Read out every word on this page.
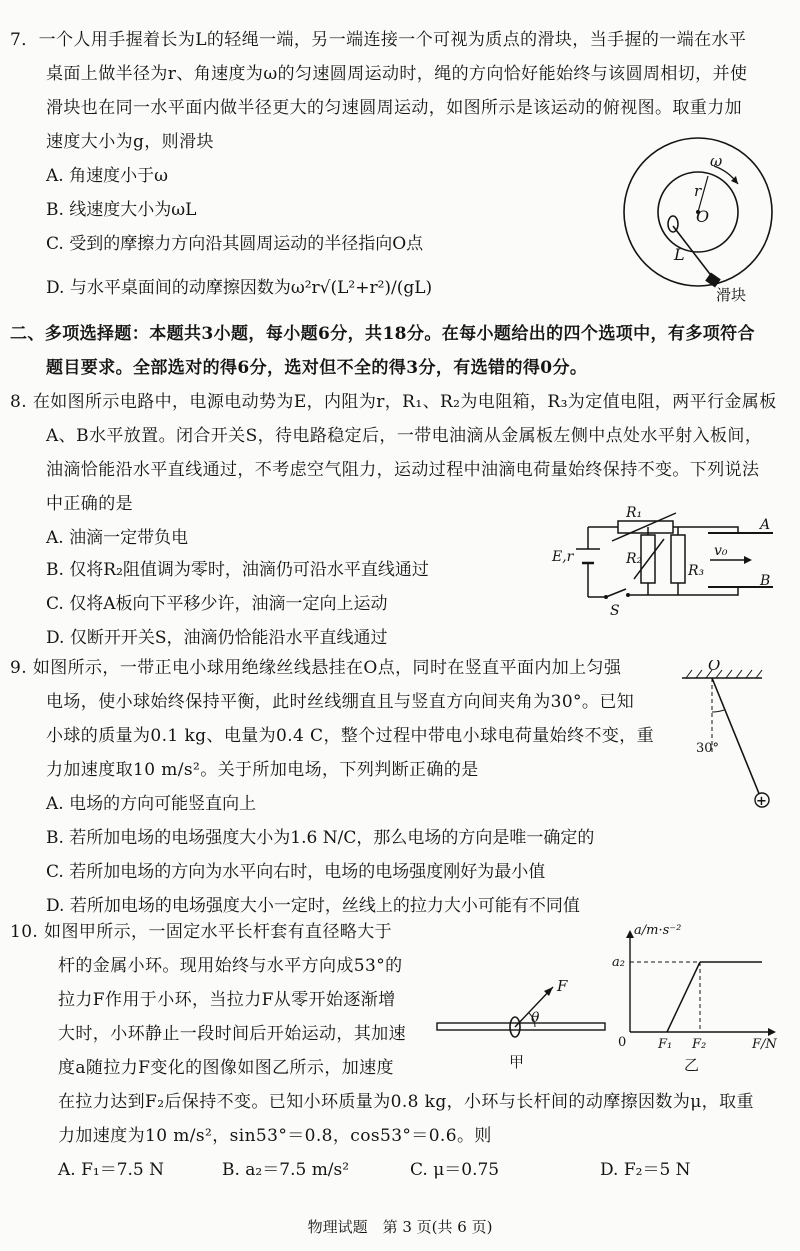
7．一个人用手握着长为L的轻绳一端，另一端连接一个可视为质点的滑块，当手握的一端在水平
桌面上做半径为r、角速度为ω的匀速圆周运动时，绳的方向恰好能始终与该圆周相切，并使
滑块也在同一水平面内做半径更大的匀速圆周运动，如图所示是该运动的俯视图。取重力加
速度大小为g，则滑块
A. 角速度小于ω
B. 线速度大小为ωL
C. 受到的摩擦力方向沿其圆周运动的半径指向O点
D. 与水平桌面间的动摩擦因数为ω²r√(L²+r²)/(gL)
ω
r
O
L
滑块
二、多项选择题：本题共3小题，每小题6分，共18分。在每小题给出的四个选项中，有多项符合
题目要求。全部选对的得6分，选对但不全的得3分，有选错的得0分。
8. 在如图所示电路中，电源电动势为E，内阻为r，R₁、R₂为电阻箱，R₃为定值电阻，两平行金属板
A、B水平放置。闭合开关S，待电路稳定后，一带电油滴从金属板左侧中点处水平射入板间，
油滴恰能沿水平直线通过，不考虑空气阻力，运动过程中油滴电荷量始终保持不变。下列说法
中正确的是
A. 油滴一定带负电
B. 仅将R₂阻值调为零时，油滴仍可沿水平直线通过
C. 仅将A板向下平移少许，油滴一定向上运动
D. 仅断开开关S，油滴仍恰能沿水平直线通过
R₁
R₂
R₃
E,r
S
v₀
A
B
9. 如图所示，一带正电小球用绝缘丝线悬挂在O点，同时在竖直平面内加上匀强
电场，使小球始终保持平衡，此时丝线绷直且与竖直方向间夹角为30°。已知
小球的质量为0.1 kg、电量为0.4 C，整个过程中带电小球电荷量始终不变，重
力加速度取10 m/s²。关于所加电场，下列判断正确的是
A. 电场的方向可能竖直向上
B. 若所加电场的电场强度大小为1.6 N/C，那么电场的方向是唯一确定的
C. 若所加电场的方向为水平向右时，电场的电场强度刚好为最小值
D. 若所加电场的电场强度大小一定时，丝线上的拉力大小可能有不同值
O
30°
+
10. 如图甲所示，一固定水平长杆套有直径略大于
杆的金属小环。现用始终与水平方向成53°的
拉力F作用于小环，当拉力F从零开始逐渐增
大时，小环静止一段时间后开始运动，其加速
度a随拉力F变化的图像如图乙所示，加速度
在拉力达到F₂后保持不变。已知小环质量为0.8 kg，小环与长杆间的动摩擦因数为μ，取重
力加速度为10 m/s²，sin53°＝0.8，cos53°＝0.6。则
A. F₁＝7.5 N	B. a₂＝7.5 m/s²	C. μ＝0.75	D. F₂＝5 N
F
θ
甲
a/m·s⁻²
a₂
0 F₁ F₂	F/N
乙
物理试题　第 3 页(共 6 页)
